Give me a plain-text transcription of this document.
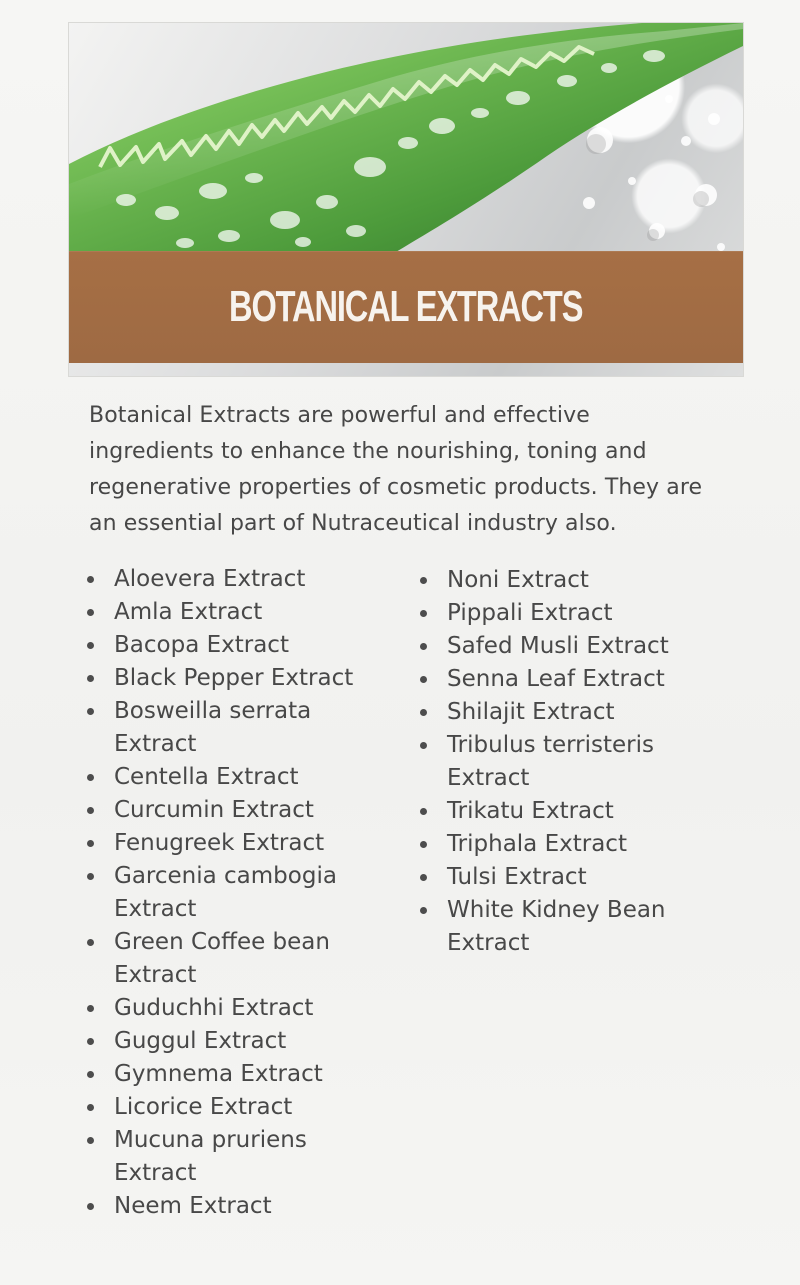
BOTANICAL EXTRACTS
Botanical Extracts are powerful and effective ingredients to enhance the nourishing, toning and regenerative properties of cosmetic products. They are an essential part of Nutraceutical industry also.
Aloevera Extract
Amla Extract
Bacopa Extract
Black Pepper Extract
Bosweilla serrata Extract
Centella Extract
Curcumin Extract
Fenugreek Extract
Garcenia cambogia Extract
Green Coffee bean Extract
Guduchhi Extract
Guggul Extract
Gymnema Extract
Licorice Extract
Mucuna pruriens Extract
Neem Extract
Noni Extract
Pippali Extract
Safed Musli Extract
Senna Leaf Extract
Shilajit Extract
Tribulus terristeris Extract
Trikatu Extract
Triphala Extract
Tulsi Extract
White Kidney Bean Extract
